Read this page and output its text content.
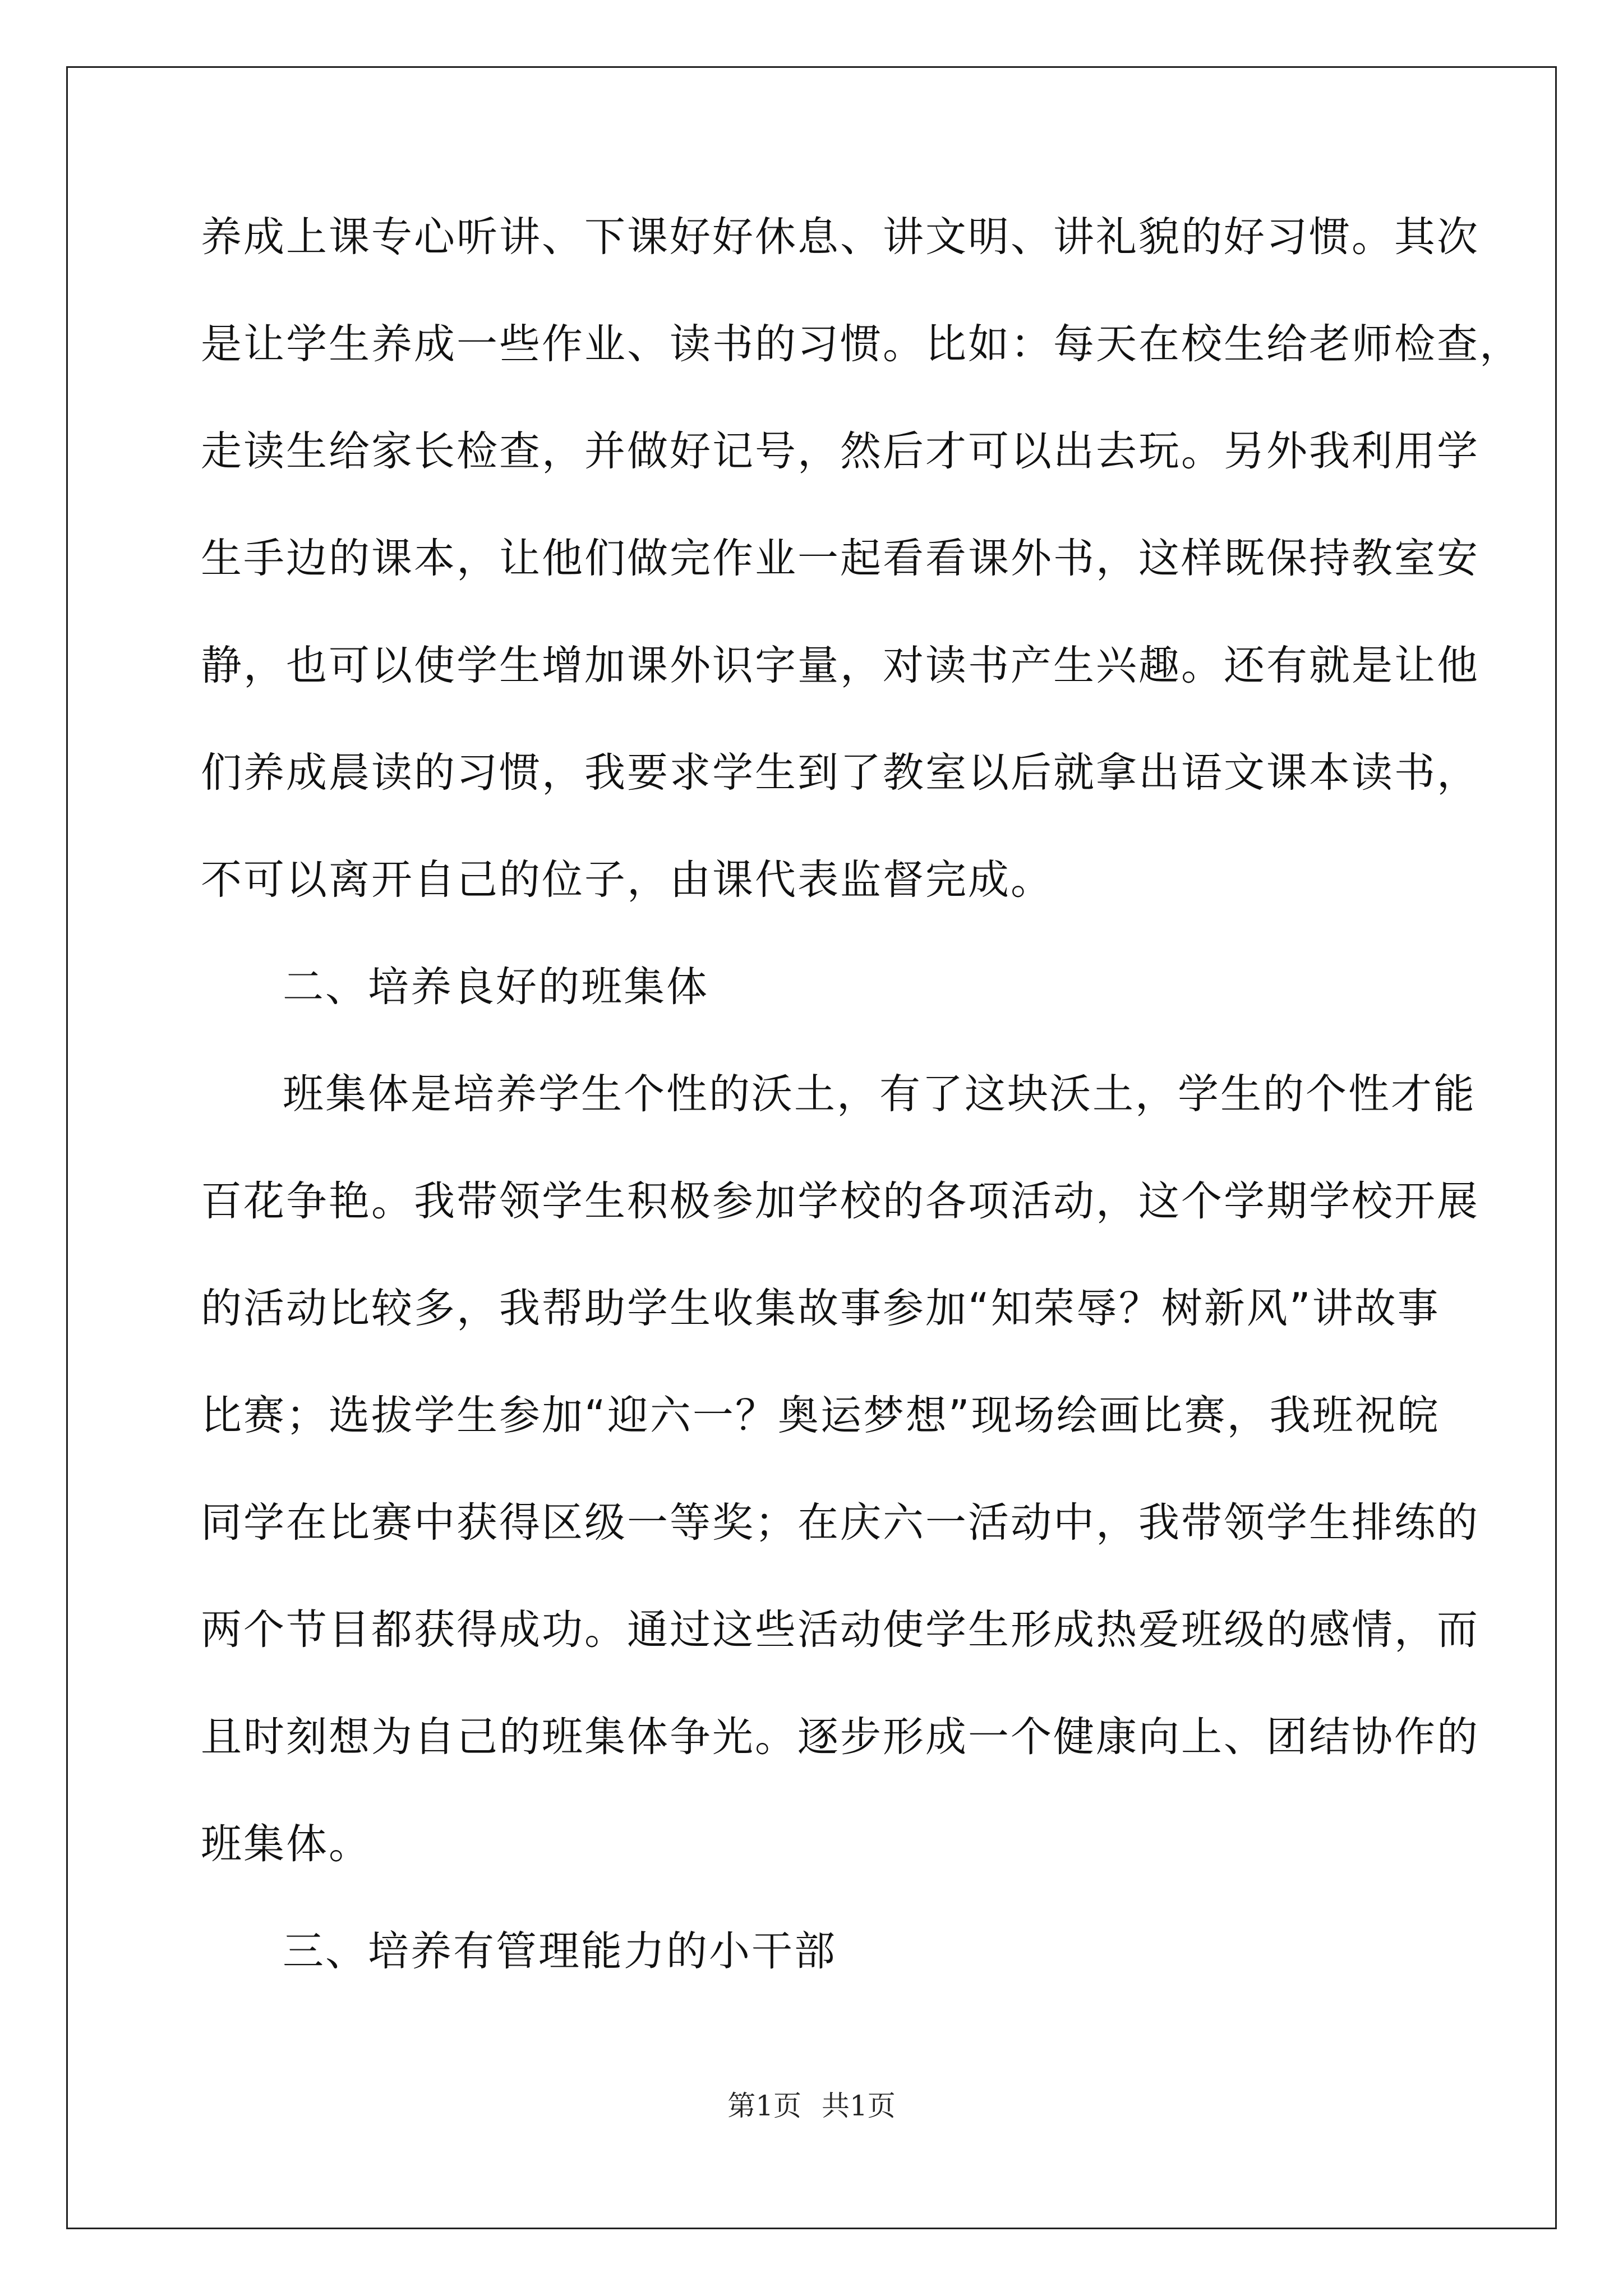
养成上课专心听讲、下课好好休息、讲文明、讲礼貌的好习惯。其次
是让学生养成一些作业、读书的习惯。比如：每天在校生给老师检查，
走读生给家长检查，并做好记号，然后才可以出去玩。另外我利用学
生手边的课本，让他们做完作业一起看看课外书，这样既保持教室安
静，也可以使学生增加课外识字量，对读书产生兴趣。还有就是让他
们养成晨读的习惯，我要求学生到了教室以后就拿出语文课本读书，
不可以离开自己的位子，由课代表监督完成。
二、培养良好的班集体
班集体是培养学生个性的沃土，有了这块沃土，学生的个性才能
百花争艳。我带领学生积极参加学校的各项活动，这个学期学校开展
的活动比较多，我帮助学生收集故事参加“知荣辱？树新风”讲故事
比赛；选拔学生参加“迎六一？奥运梦想”现场绘画比赛，我班祝皖
同学在比赛中获得区级一等奖；在庆六一活动中，我带领学生排练的
两个节目都获得成功。通过这些活动使学生形成热爱班级的感情，而
且时刻想为自己的班集体争光。逐步形成一个健康向上、团结协作的
班集体。
三、培养有管理能力的小干部
第1页 共1页
